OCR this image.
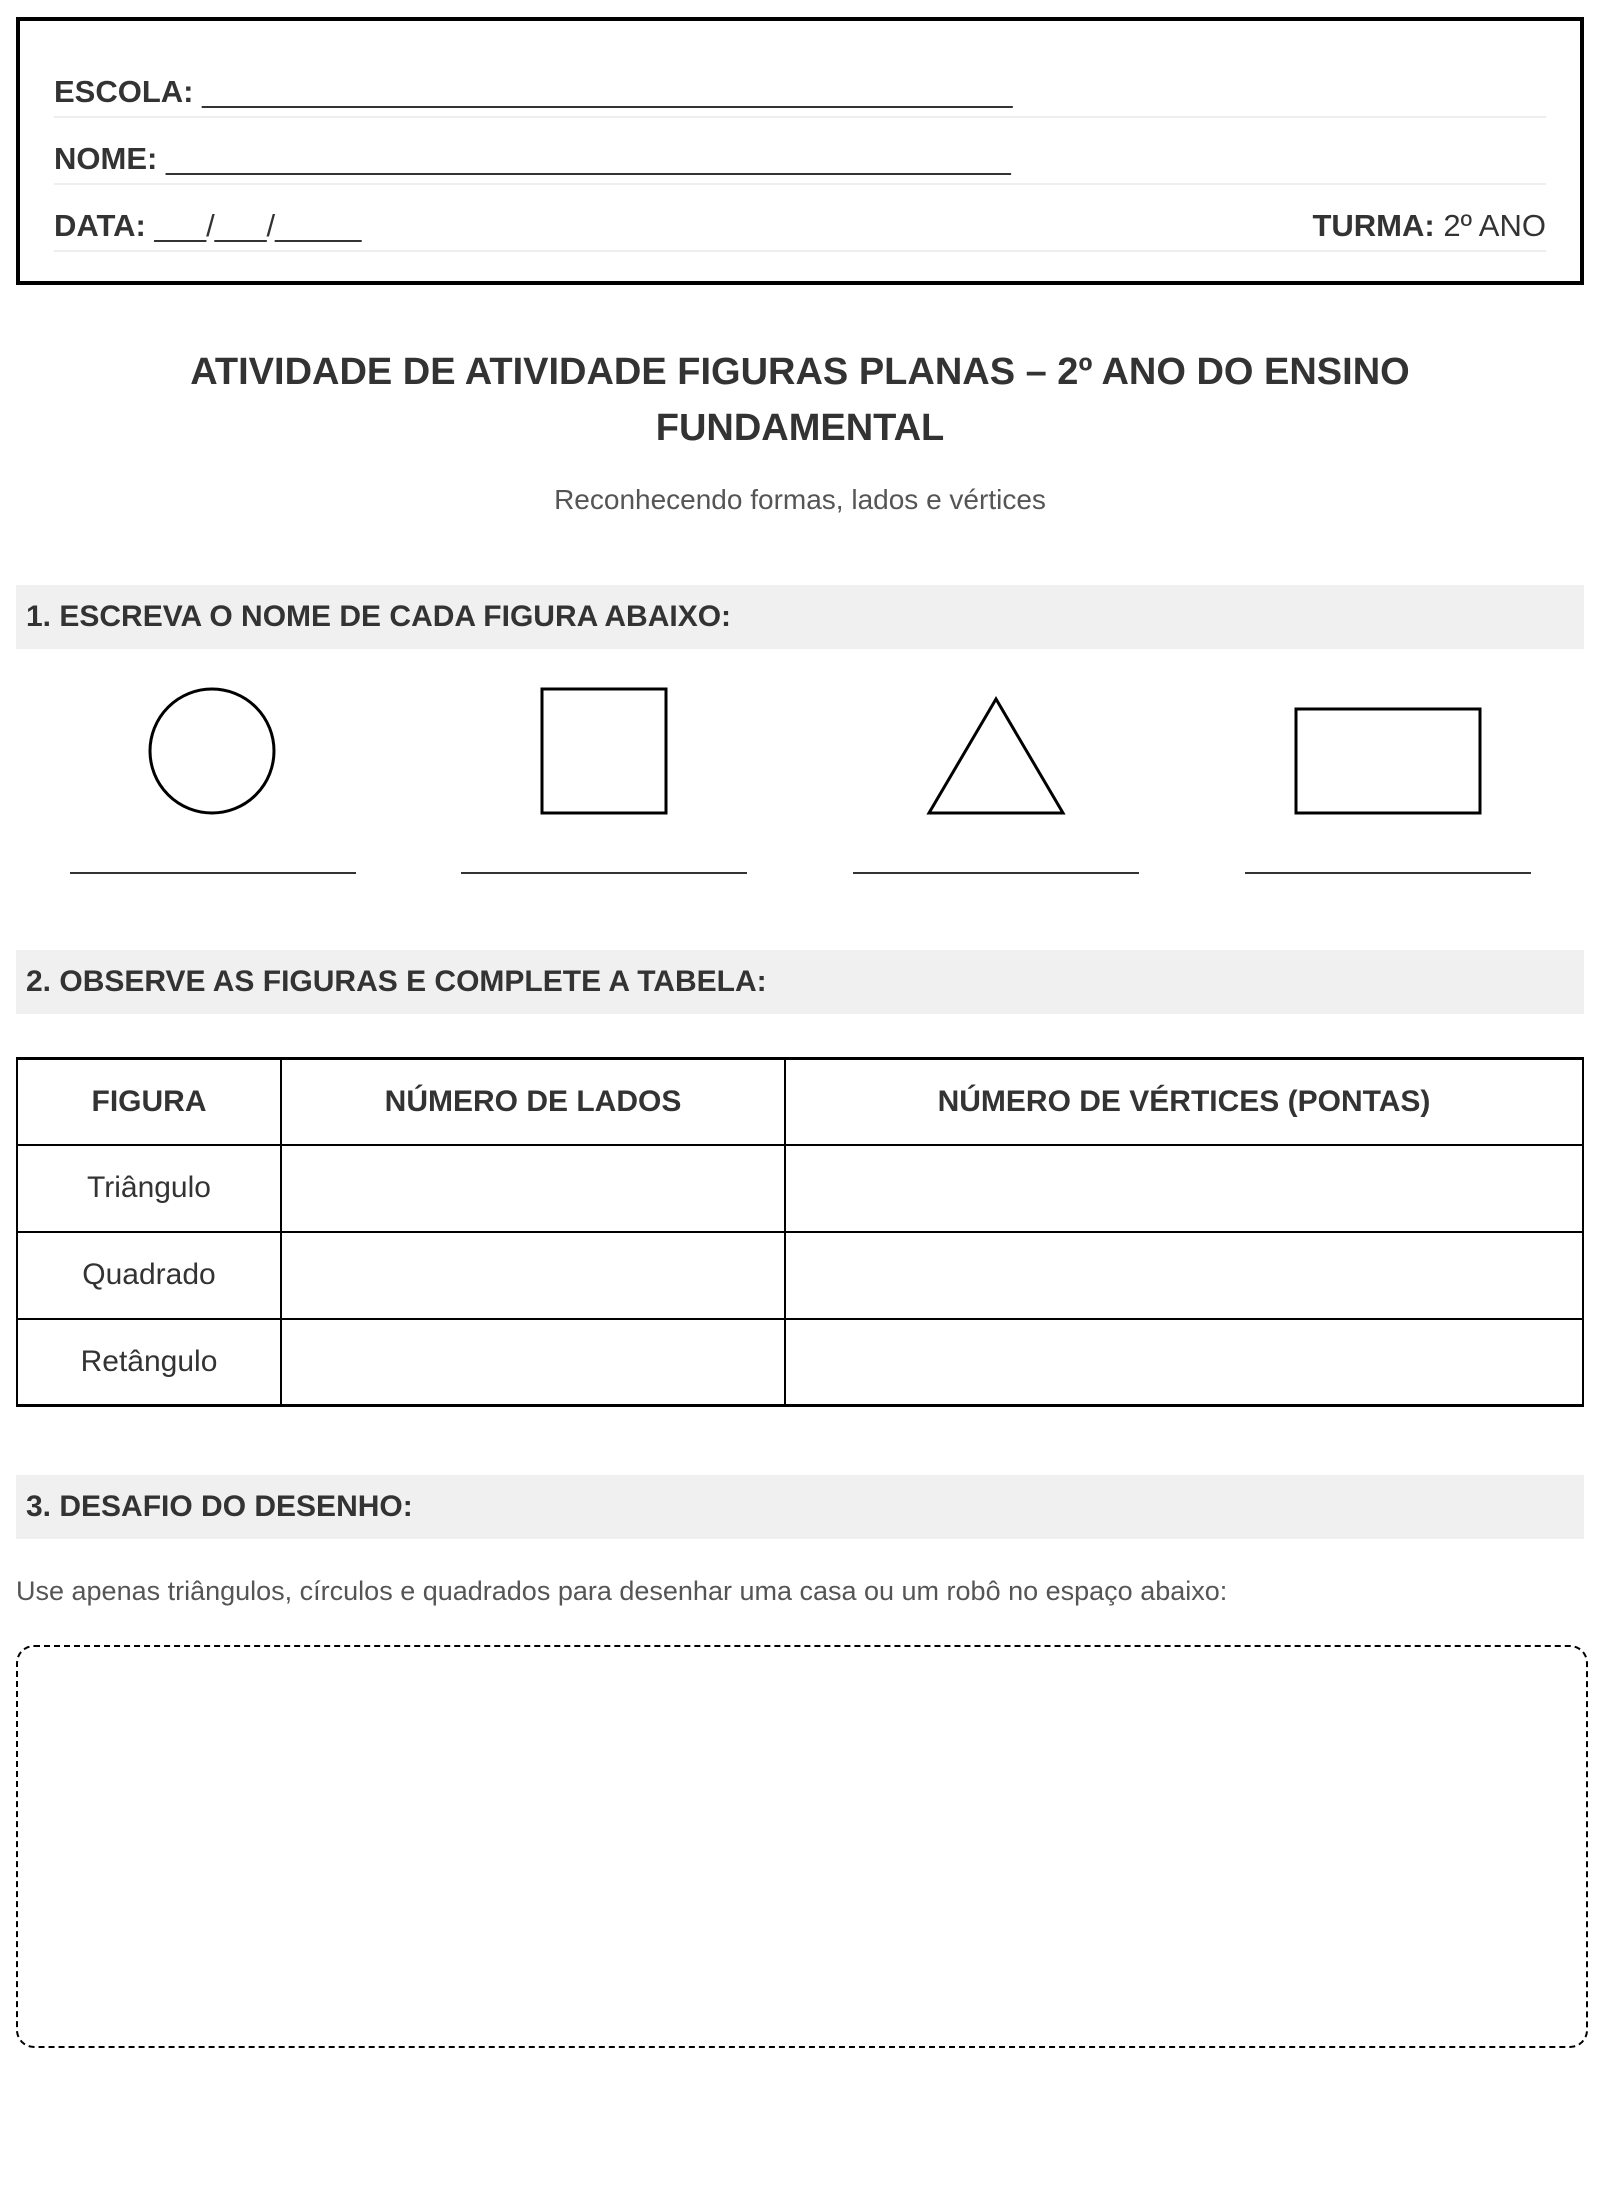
ESCOLA: _______________________________________________
NOME: _________________________________________________
DATA: ___/___/_____	TURMA: 2º ANO
ATIVIDADE DE ATIVIDADE FIGURAS PLANAS – 2º ANO DO ENSINO FUNDAMENTAL
Reconhecendo formas, lados e vértices
1. ESCREVA O NOME DE CADA FIGURA ABAIXO:
2. OBSERVE AS FIGURAS E COMPLETE A TABELA:
FIGURA	NÚMERO DE LADOS	NÚMERO DE VÉRTICES (PONTAS)
Triângulo		
Quadrado		
Retângulo		
3. DESAFIO DO DESENHO:
Use apenas triângulos, círculos e quadrados para desenhar uma casa ou um robô no espaço abaixo:
